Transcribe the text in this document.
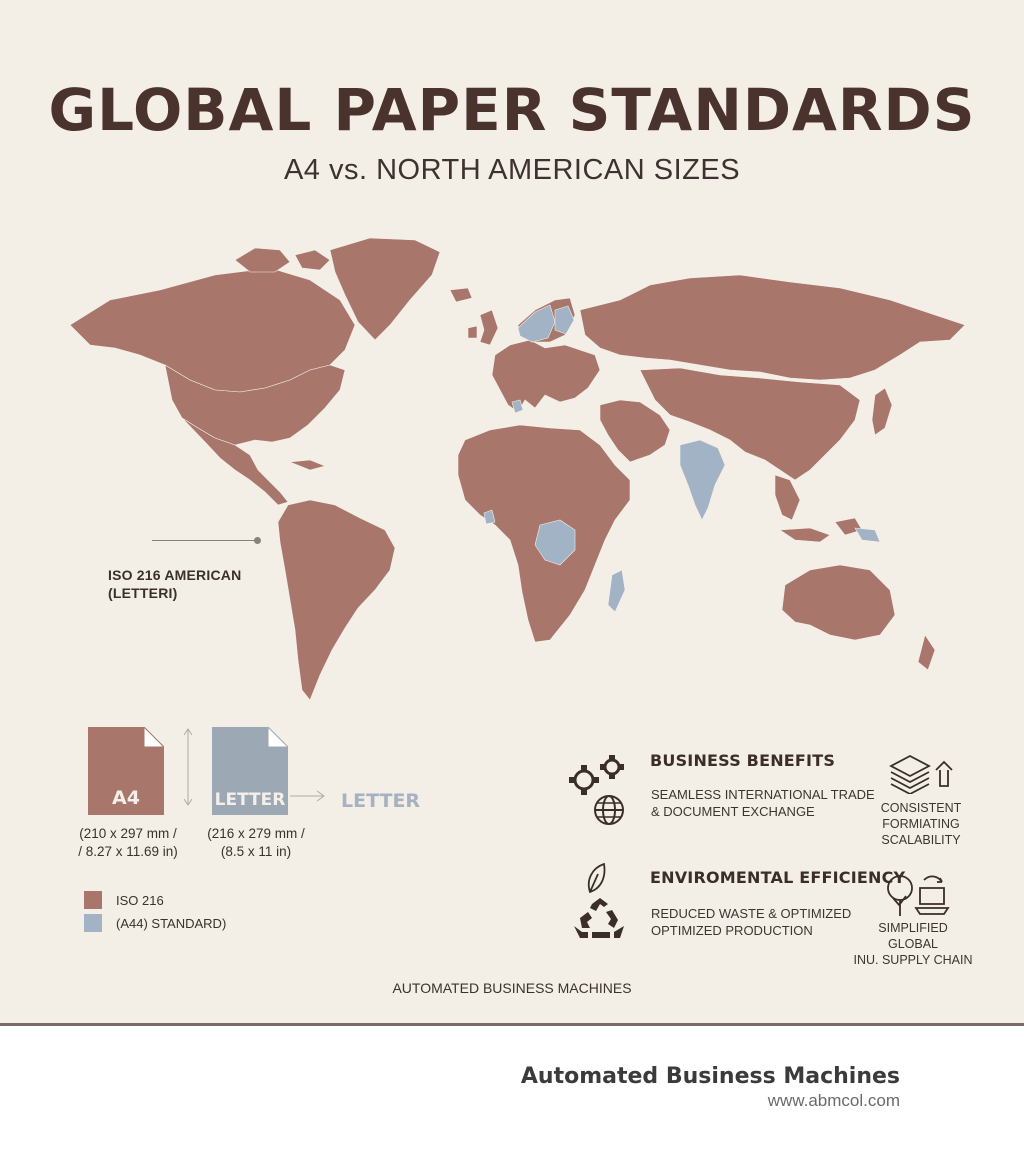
GLOBAL PAPER STANDARDS
A4 vs. NORTH AMERICAN SIZES
ISO 216 AMERICAN
(LETTERI)
A4	LETTER	LETTER
(210 x 297 mm /
/ 8.27 x 11.69 in)
(216 x 279 mm /
(8.5 x 11 in)
ISO 216
(A44) STANDARD)
BUSINESS BENEFITS
SEAMLESS INTERNATIONAL TRADE
& DOCUMENT EXCHANGE	CONSISTENT
FORMIATING
SCALABILITY
ENVIROMENTAL EFFICIENCY
REDUCED WASTE & OPTIMIZED
OPTIMIZED PRODUCTION	SIMPLIFIED GLOBAL
INU. SUPPLY CHAIN
AUTOMATED BUSINESS MACHINES
Automated Business Machines
www.abmcol.com
